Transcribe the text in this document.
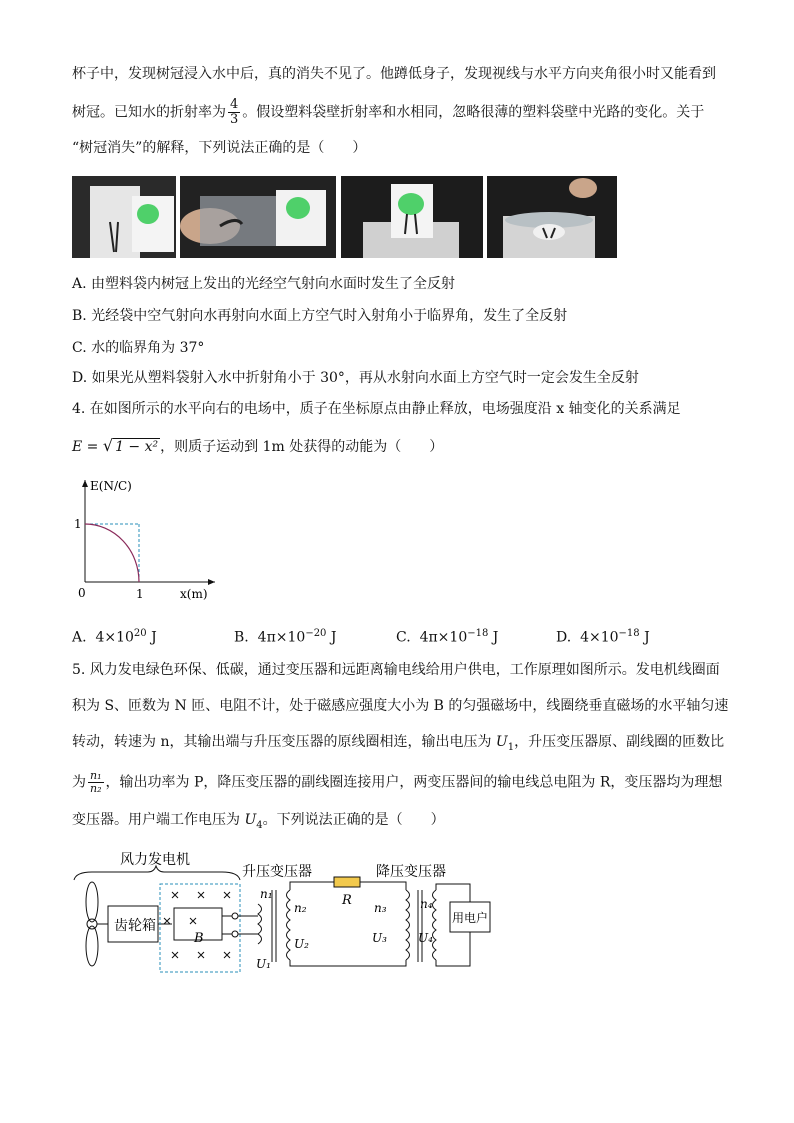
杯子中，发现树冠浸入水中后，真的消失不见了。他蹲低身子，发现视线与水平方向夹角很小时又能看到
树冠。已知水的折射率为 $\frac{4}{3}$ 。假设塑料袋壁折射率和水相同，忽略很薄的塑料袋壁中光路的变化。关于
“树冠消失”的解释，下列说法正确的是（　　）
A. 由塑料袋内树冠上发出的光经空气射向水面时发生了全反射
B. 光经袋中空气射向水再射向水面上方空气时入射角小于临界角，发生了全反射
C. 水的临界角为 37°
D. 如果光从塑料袋射入水中折射角小于 30°，再从水射向水面上方空气时一定会发生全反射
4. 在如图所示的水平向右的电场中，质子在坐标原点由静止释放，电场强度沿 x 轴变化的关系满足
E = √ 1 − x² ，则质子运动到 1m 处获得的动能为（　　）
E(N/C)
x(m)
0	1
1
A. $4\times 10^{20}$ J	B. $4\pi\times 10^{-20}$ J	C. $4\pi\times 10^{-18}$ J	D. $4\times 10^{-18}$ J
5. 风力发电绿色环保、低碳，通过变压器和远距离输电线给用户供电，工作原理如图所示。发电机线圈面
积为 S、匝数为 N 匝、电阻不计，处于磁感应强度大小为 B 的匀强磁场中，线圈绕垂直磁场的水平轴匀速
转动，转速为 n，其输出端与升压变压器的原线圈相连，输出电压为 $U_1$，升压变压器原、副线圈的匝数比
为 $\frac{\text{n₁}}{\text{n₂}}$ ，输出功率为 P，降压变压器的副线圈连接用户，两变压器间的输电线总电阻为 R，变压器均为理想
变压器。用户端工作电压为 $U_4$。下列说法正确的是（　　）
风力发电机
升压变压器	降压变压器
齿轮箱
B
n₁
U₁
n₂
U₂
R n₃
U₃
n₄
U₄
用电户
